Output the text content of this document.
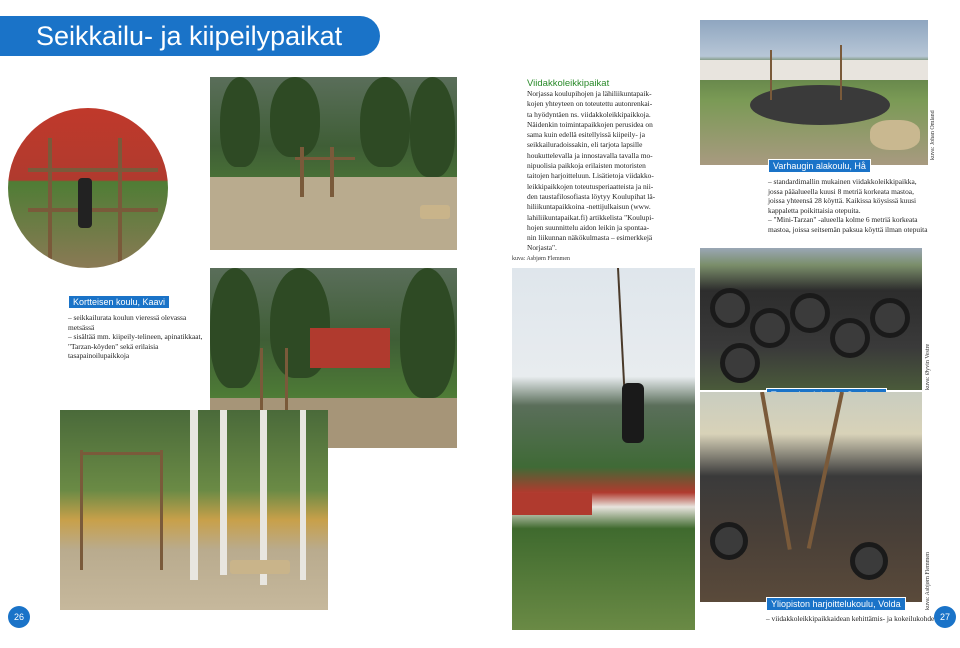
Seikkailu- ja kiipeilypaikat
Viidakkoleikkipaikat
Norjassa koulupihojen ja lähiliikuntapaik-
kojen yhteyteen on toteutettu autonrenkai-
ta hyödyntäen ns. viidakkoleikkipaikkoja.
Näidenkin toimintapaikkojen perusidea on
sama kuin edellä esitellyissä kiipeily- ja
seikkailuradoissakin, eli tarjota lapsille
houkuttelevalla ja innostavalla tavalla mo-
nipuolisia paikkoja erilaisten motoristen
taitojen harjoitteluun. Lisätietoja viidakko-
leikkipaikkojen toteutusperiaatteista ja nii-
den taustafilosofiasta löytyy Koulupihat lä-
hiliikuntapaikkoina -nettijulkaisun (www.
lahiliikuntapaikat.fi) artikkelista "Koulupi-
hojen suunnittelu aidon leikin ja spontaa-
nin liikunnan näkökulmasta – esimerkkejä
Norjasta".
kuva: Johan Omland
Varhaugin alakoulu, Hå
– standardimallin mukainen viidakkoleikkipaikka, jossa pääalueella kuusi 8 metriä korkeata mastoa, joissa yhteensä 28 köyttä. Kaikissa köysissä kuusi kappaletta poikittaisia otepuita.
– "Mini-Tarzan" -alueella kolme 6 metriä korkeata mastoa, joissa seitsemän paksua köyttä ilman otepuita
kuva: Asbjørn Flemmen
Kortteisen koulu, Kaavi
– seikkailurata koulun vieressä olevassa metsässä
– sisältää mm. kiipeily-telineen, apinatikkaat, "Tarzan-köyden" sekä erilaisia tasapainoilupaikkoja	kuva: Øyvin Vestre
kuva: Asbjørn Flemmen
Yliopiston harjoittelukoulu, Volda
– viidakkoleikkipaikkaidean kehittämis- ja kokeilukohde
26	27
